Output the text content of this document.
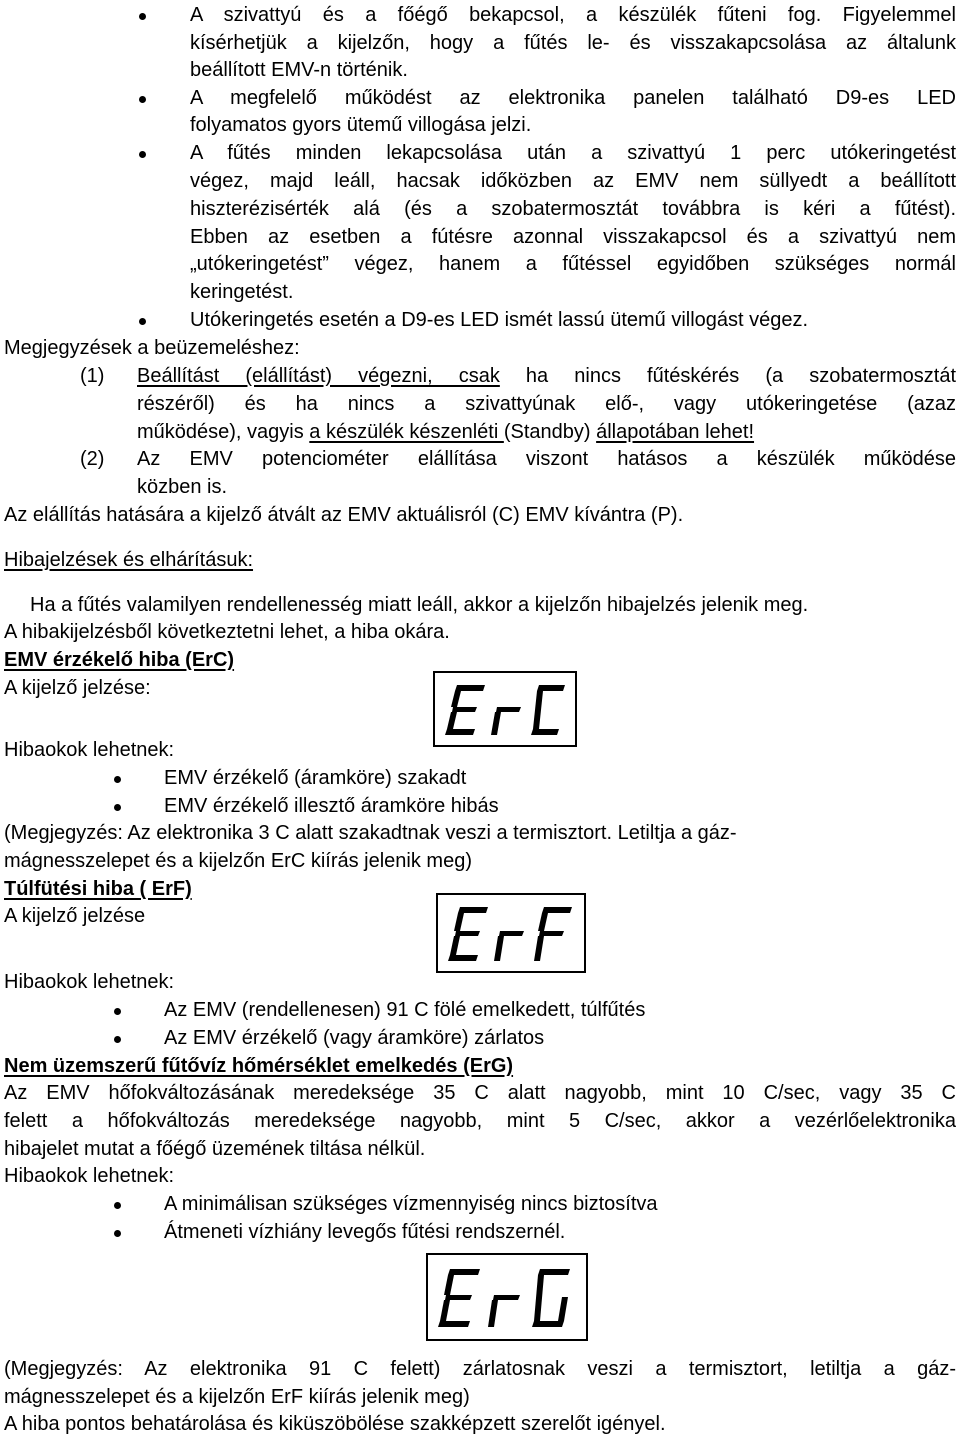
A szivattyú és a főégő bekapcsol, a készülék fűteni fog. Figyelemmel
kísérhetjük a kijelzőn, hogy a fűtés le- és visszakapcsolása az általunk
beállított EMV-n történik.
A megfelelő működést az elektronika panelen található D9-es LED
folyamatos gyors ütemű villogása jelzi.
A fűtés minden lekapcsolása után a szivattyú 1 perc utókeringetést
végez, majd leáll, hacsak időközben az EMV nem süllyedt a beállított
hiszterézisérték alá (és a szobatermosztát továbbra is kéri a fűtést).
Ebben az esetben a fútésre azonnal visszakapcsol és a szivattyú nem
„utókeringetést” végez, hanem a fűtéssel egyidőben szükséges normál
keringetést.
Utókeringetés esetén a D9-es LED ismét lassú ütemű villogást végez.
Megjegyzések a beüzemeléshez:
(1) Beállítást (elállítást) végezni, csak ha nincs fűtéskérés (a szobatermosztát
részéről) és ha nincs a szivattyúnak elő-, vagy utókeringetése (azaz
működése), vagyis a készülék készenléti (Standby) állapotában lehet!
(2) Az EMV potenciométer elállítása viszont hatásos a készülék működése
közben is.
Az elállítás hatására a kijelző átvált az EMV aktuálisról (C) EMV kívántra (P).
Hibajelzések és elhárításuk:
Ha a fűtés valamilyen rendellenesség miatt leáll, akkor a kijelzőn hibajelzés jelenik meg.
A hibakijelzésből következtetni lehet, a hiba okára.
EMV érzékelő hiba (ErC)
A kijelző jelzése:
Hibaokok lehetnek:
EMV érzékelő (áramköre) szakadt
EMV érzékelő illesztő áramköre hibás
(Megjegyzés: Az elektronika 3 C alatt szakadtnak veszi a termisztort. Letiltja a gáz-
mágnesszelepet és a kijelzőn ErC kiírás jelenik meg)
Túlfütési hiba ( ErF)
A kijelző jelzése
Hibaokok lehetnek:
Az EMV (rendellenesen) 91 C fölé emelkedett, túlfűtés
Az EMV érzékelő (vagy áramköre) zárlatos
Nem üzemszerű fűtővíz hőmérséklet emelkedés (ErG)
Az EMV hőfokváltozásának meredeksége 35 C alatt nagyobb, mint 10 C/sec, vagy 35 C
felett a hőfokváltozás meredeksége nagyobb, mint 5 C/sec, akkor a vezérlőelektronika
hibajelet mutat a főégő üzemének tiltása nélkül.
Hibaokok lehetnek:
A minimálisan szükséges vízmennyiség nincs biztosítva
Átmeneti vízhiány levegős fűtési rendszernél.
(Megjegyzés: Az elektronika 91 C felett) zárlatosnak veszi a termisztort, letiltja a gáz-
mágnesszelepet és a kijelzőn ErF kiírás jelenik meg)
A hiba pontos behatárolása és kiküszöbölése szakképzett szerelőt igényel.
